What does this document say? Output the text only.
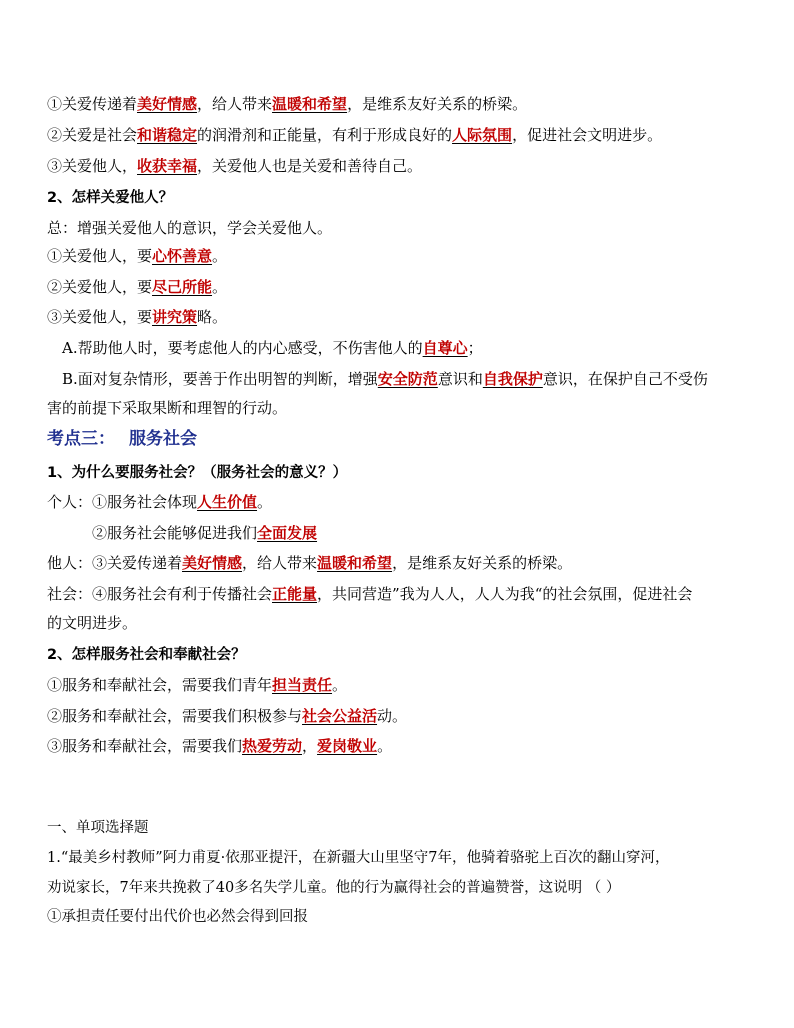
①关爱传递着美好情感，给人带来温暖和希望，是维系友好关系的桥梁。
②关爱是社会和谐稳定的润滑剂和正能量，有利于形成良好的人际氛围，促进社会文明进步。
③关爱他人，收获幸福，关爱他人也是关爱和善待自己。
2、怎样关爱他人？
总：增强关爱他人的意识，学会关爱他人。
①关爱他人，要心怀善意。
②关爱他人，要尽己所能。
③关爱他人，要讲究策略。
A.帮助他人时，要考虑他人的内心感受，不伤害他人的自尊心；
B.面对复杂情形，要善于作出明智的判断，增强安全防范意识和自我保护意识，在保护自己不受伤
害的前提下采取果断和理智的行动。
考点三： 服务社会
1、为什么要服务社会？（服务社会的意义？）
个人：①服务社会体现人生价值。
②服务社会能够促进我们全面发展
他人：③关爱传递着美好情感，给人带来温暖和希望，是维系友好关系的桥梁。
社会：④服务社会有利于传播社会正能量，共同营造”我为人人，人人为我“的社会氛围，促进社会
的文明进步。
2、怎样服务社会和奉献社会？
①服务和奉献社会，需要我们青年担当责任。
②服务和奉献社会，需要我们积极参与社会公益活动。
③服务和奉献社会，需要我们热爱劳动，爱岗敬业。
一、单项选择题
1.“最美乡村教师”阿力甫夏·依那亚提汗，在新疆大山里坚守7年，他骑着骆驼上百次的翻山穿河，
劝说家长，7年来共挽救了40多名失学儿童。他的行为赢得社会的普遍赞誉，这说明 （ ）
①承担责任要付出代价也必然会得到回报
